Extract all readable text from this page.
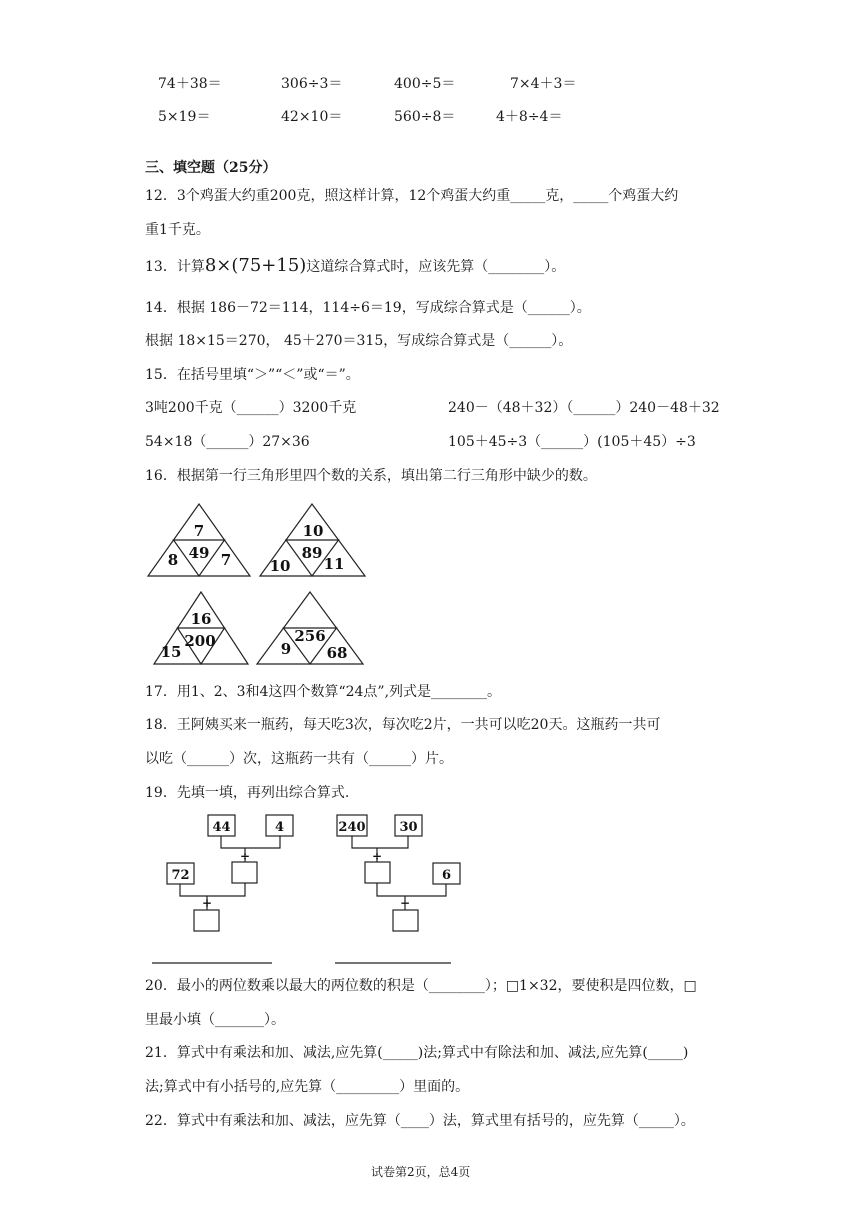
74＋38＝	306÷3＝	400÷5＝	7×4＋3＝
5×19＝	42×10＝	560÷8＝	4＋8÷4＝
三、填空题（25分）
12．3个鸡蛋大约重200克，照这样计算，12个鸡蛋大约重_____克，_____个鸡蛋大约
重1千克。
13．计算8×(75+15)这道综合算式时，应该先算（________）。
14．根据 186－72＝114，114÷6＝19，写成综合算式是（______）。
根据 18×15＝270， 45＋270＝315，写成综合算式是（______）。
15．在括号里填“＞”“＜”或“＝”。
3吨200千克（______）3200千克	240－（48＋32）（______）240－48＋32
54×18（______）27×36	105＋45÷3（______）(105＋45）÷3
16．根据第一行三角形里四个数的关系，填出第二行三角形中缺少的数。
7
49
8	7
10
89
10 11
16
200
15
256
9 68
17．用1、2、3和4这四个数算“24点”,列式是________。
18．王阿姨买来一瓶药，每天吃3次，每次吃2片，一共可以吃20天。这瓶药一共可
以吃（______）次，这瓶药一共有（______）片。
19．先填一填，再列出综合算式.
44	4
÷
72
+
240	30
÷
6
−
20．最小的两位数乘以最大的两位数的积是（________）；□1×32，要使积是四位数，□
里最小填（_______）。
21．算式中有乘法和加、减法,应先算(_____)法;算式中有除法和加、减法,应先算(_____)
法;算式中有小括号的,应先算（_________）里面的。
22．算式中有乘法和加、减法，应先算（____）法，算式里有括号的，应先算（_____）。
试卷第2页，总4页
